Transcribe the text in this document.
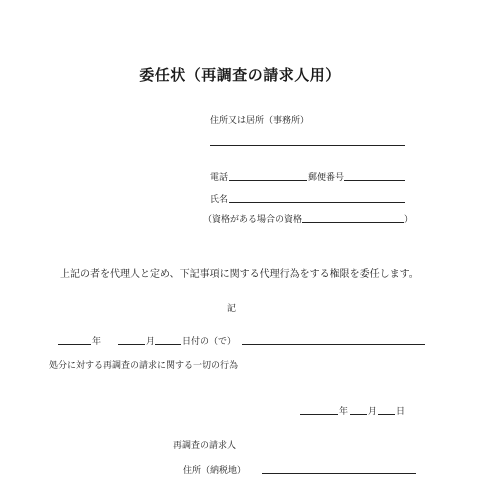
委任状（再調査の請求人用）
住所又は居所（事務所）
電話	郵便番号
氏名
（資格がある場合の資格	）
上記の者を代理人と定め、下記事項に関する代理行為をする権限を委任します。
記
年	月	日付の（で）
処分に対する再調査の請求に関する一切の行為
年 月 日
再調査の請求人
住所（納税地）
